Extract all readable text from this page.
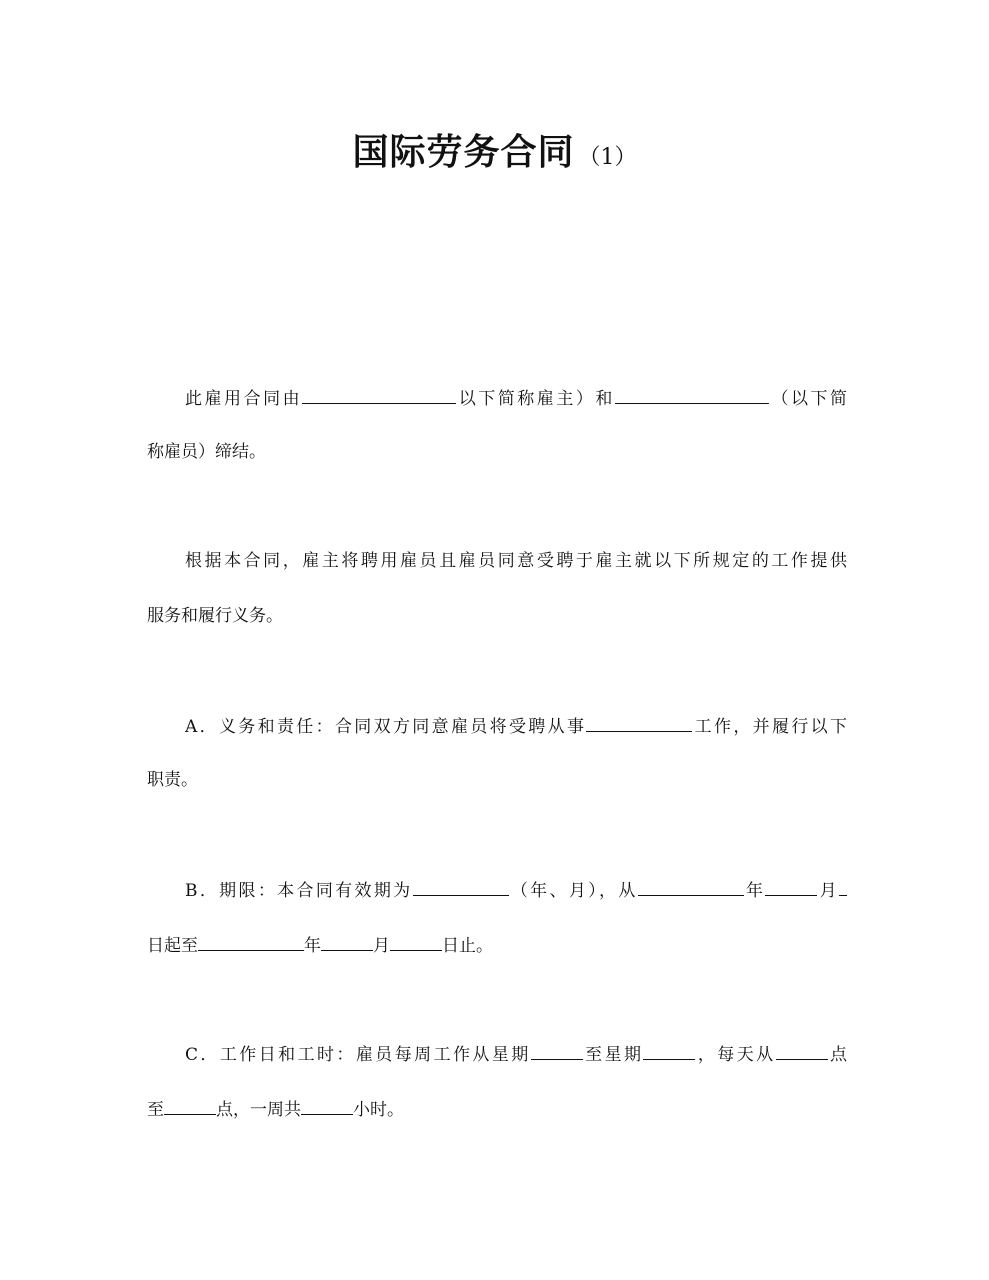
国际劳务合同 （1）
此雇用合同由	以下简称雇主）和	（以下简
称雇员）缔结。
根据本合同，雇主将聘用雇员且雇员同意受聘于雇主就以下所规定的工作提供
服务和履行义务。
A．义务和责任：合同双方同意雇员将受聘从事	工作，并履行以下
职责。
B．期限：本合同有效期为	（年、月），从	年	月
日起至	年	月	日止。
C．工作日和工时：雇员每周工作从星期	至星期	，每天从	点
至	点，一周共	小时。
